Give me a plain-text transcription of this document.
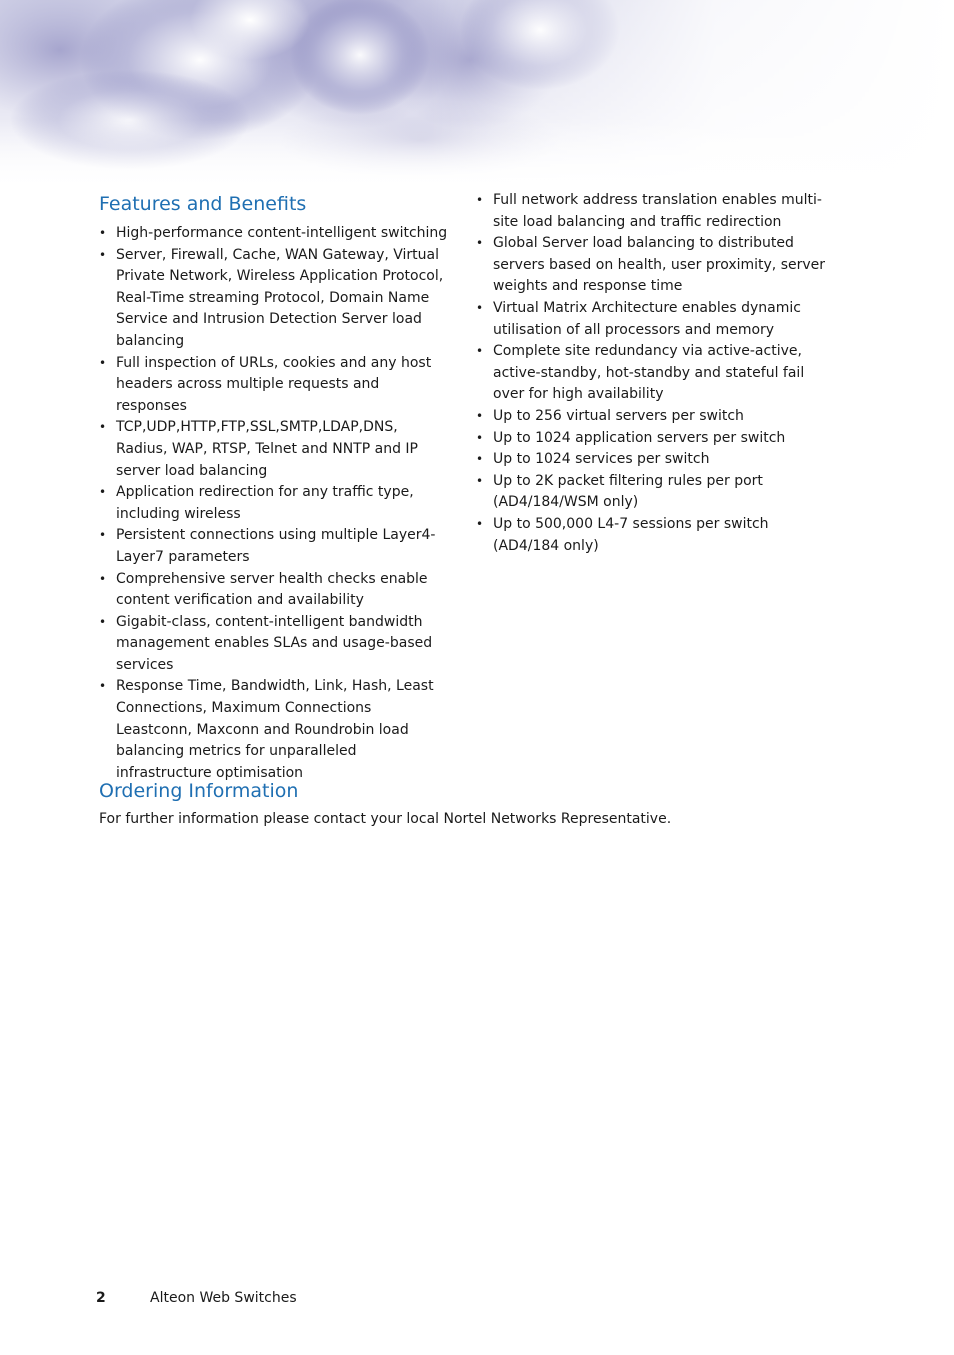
Features and Benefits
• High-performance content-intelligent switching
• Server, Firewall, Cache, WAN Gateway, Virtual Private Network, Wireless Application Protocol, Real-Time streaming Protocol, Domain Name Service and Intrusion Detection Server load balancing
• Full inspection of URLs, cookies and any host headers across multiple requests and responses
• TCP,UDP,HTTP,FTP,SSL,SMTP,LDAP,DNS, Radius, WAP, RTSP, Telnet and NNTP and IP server load balancing
• Application redirection for any traffic type, including wireless
• Persistent connections using multiple Layer4-Layer7 parameters
• Comprehensive server health checks enable content verification and availability
• Gigabit-class, content-intelligent bandwidth management enables SLAs and usage-based services
• Response Time, Bandwidth, Link, Hash, Least Connections, Maximum Connections Leastconn, Maxconn and Roundrobin load balancing metrics for unparalleled infrastructure optimisation
• Full network address translation enables multi-site load balancing and traffic redirection
• Global Server load balancing to distributed servers based on health, user proximity, server weights and response time
• Virtual Matrix Architecture enables dynamic utilisation of all processors and memory
• Complete site redundancy via active-active, active-standby, hot-standby and stateful fail over for high availability
• Up to 256 virtual servers per switch
• Up to 1024 application servers per switch
• Up to 1024 services per switch
• Up to 2K packet filtering rules per port (AD4/184/WSM only)
• Up to 500,000 L4-7 sessions per switch (AD4/184 only)
Ordering Information

For further information please contact your local Nortel Networks Representative.

2	Alteon Web Switches
